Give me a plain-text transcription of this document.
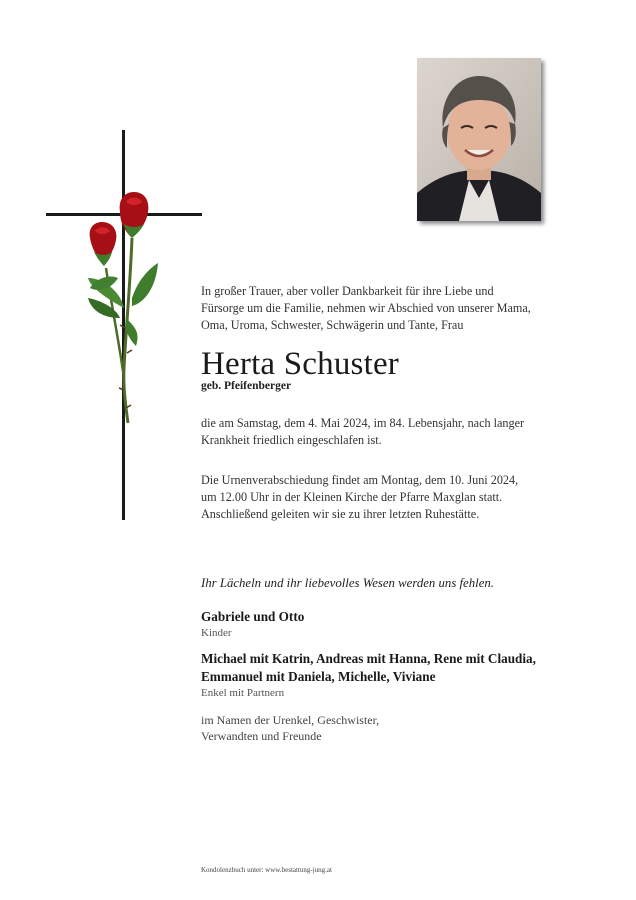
In großer Trauer, aber voller Dankbarkeit für ihre Liebe und
Fürsorge um die Familie, nehmen wir Abschied von unserer Mama,
Oma, Uroma, Schwester, Schwägerin und Tante, Frau
Herta Schuster
geb. Pfeifenberger
die am Samstag, dem 4. Mai 2024, im 84. Lebensjahr, nach langer
Krankheit friedlich eingeschlafen ist.
Die Urnenverabschiedung findet am Montag, dem 10. Juni 2024,
um 12.00 Uhr in der Kleinen Kirche der Pfarre Maxglan statt.
Anschließend geleiten wir sie zu ihrer letzten Ruhestätte.
Ihr Lächeln und ihr liebevolles Wesen werden uns fehlen.
Gabriele und Otto
Kinder
Michael mit Katrin, Andreas mit Hanna, Rene mit Claudia,
Emmanuel mit Daniela, Michelle, Viviane
Enkel mit Partnern
im Namen der Urenkel, Geschwister,
Verwandten und Freunde
Kondolenzbuch unter: www.bestattung-jung.at
